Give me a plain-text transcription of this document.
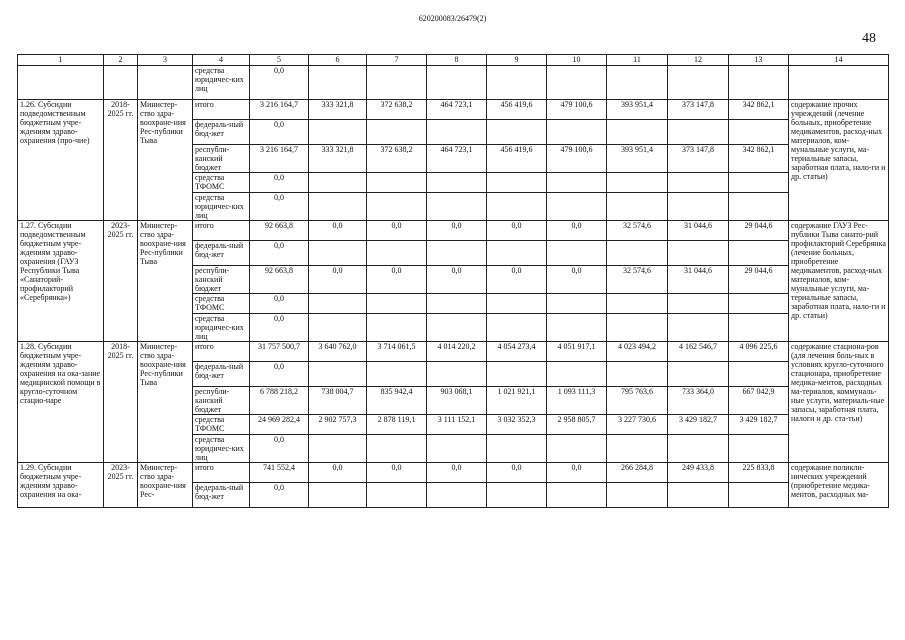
620200083/26479(2)
48
1	2	3	4	5	6	7	8	9	10	11	12	13	14
			средства юридичес-ких лиц	0,0									
1.26. Субсидии подведомственным бюджетным учре-ждениям здраво-охранения (про-чие)	2018-2025 гг.	Министер-ство здра-воохране-ния Рес-публики Тыва	итого	3 216 164,7	333 321,8	372 638,2	464 723,1	456 419,6	479 100,6	393 951,4	373 147,8	342 862,1	содержание прочих учреждений (лечение больных, приобретение медикаментов, расход-ных материалов, ком-мунальные услуги, ма-териальные запасы, заработная плата, нало-ги и др. статьи)
			федераль-ный бюд-жет	0,0									
			республи-канский бюджет	3 216 164,7	333 321,8	372 638,2	464 723,1	456 419,6	479 100,6	393 951,4	373 147,8	342 862,1	
			средства ТФОМС	0,0									
			средства юридичес-ких лиц	0,0									
1.27. Субсидии подведомственным бюджетным учре-ждениям здраво-охранения (ГАУЗ Республики Тыва «Санаторий-профилакторий «Серебрянка»)	2023-2025 гг.	Министер-ство здра-воохране-ния Рес-публики Тыва	итого	92 663,8	0,0	0,0	0,0	0,0	0,0	32 574,6	31 044,6	29 044,6	содержание ГАУЗ Рес-публики Тыва санато-рий профилакторий Серебрянка (лечение больных, приобретение медикаментов, расход-ных материалов, ком-мунальные услуги, ма-териальные запасы, заработная плата, нало-ги и др. статьи)
			федераль-ный бюд-жет	0,0									
			республи-канский бюджет	92 663,8	0,0	0,0	0,0	0,0	0,0	32 574,6	31 044,6	29 044,6	
			средства ТФОМС	0,0									
			средства юридичес-ких лиц	0,0									
1.28. Субсидии бюджетным учре-ждениям здраво-охранения на ока-зание медицинской помощи в кругло-суточном стацио-наре	2018-2025 гг.	Министер-ство здра-воохране-ния Рес-публики Тыва	итого	31 757 500,7	3 640 762,0	3 714 061,5	4 014 220,2	4 054 273,4	4 051 917,1	4 023 494,2	4 162 546,7	4 096 225,6	содержание стациона-ров (для лечения боль-ных в условиях кругло-суточного стационара, приобретение медика-ментов, расходных ма-териалов, коммуналь-ные услуги, материаль-ные запасы, заработная плата, налоги и др. ста-тьи)
			федераль-ный бюд-жет	0,0									
			республи-канский бюджет	6 788 218,2	738 004,7	835 942,4	903 068,1	1 021 921,1	1 093 111,3	795 763,6	733 364,0	667 042,9	
			средства ТФОМС	24 969 282,4	2 902 757,3	2 878 119,1	3 111 152,1	3 032 352,3	2 958 805,7	3 227 730,6	3 429 182,7	3 429 182,7	
			средства юридичес-ких лиц	0,0									
1.29. Субсидии бюджетным учре-ждениям здраво-охранения на ока-	2023-2025 гг.	Министер-ство здра-воохране-ния Рес-	итого	741 552,4	0,0	0,0	0,0	0,0	0,0	266 284,8	249 433,8	225 833,8	содержание поликли-нических учреждений (приобретение медика-ментов, расходных ма-
			федераль-ный бюд-жет	0,0									
